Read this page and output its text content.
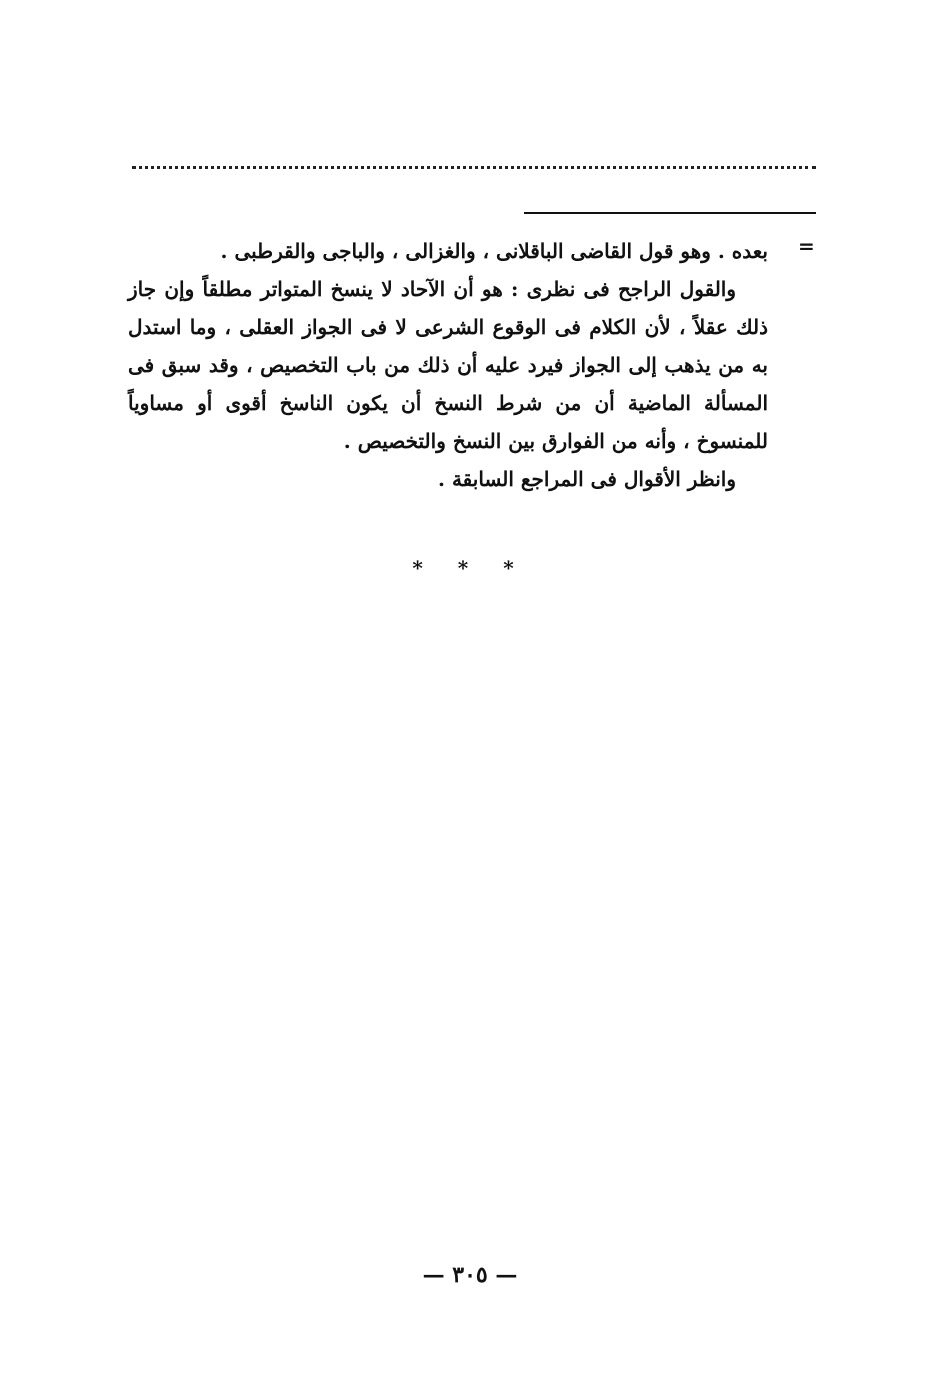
=

بعده . وهو قول القاضى الباقلانى ، والغزالى ، والباجى والقرطبى .

والقول الراجح فى نظرى : هو أن الآحاد لا ينسخ المتواتر مطلقاً وإن جاز ذلك عقلاً ، لأن الكلام فى الوقوع الشرعى لا فى الجواز العقلى ، وما استدل به من يذهب إلى الجواز فيرد عليه أن ذلك من باب التخصيص ، وقد سبق فى المسألة الماضية أن من شرط النسخ أن يكون الناسخ أقوى أو مساوياً للمنسوخ ، وأنه من الفوارق بين النسخ والتخصيص .

وانظر الأقوال فى المراجع السابقة .

* * *
— ٣٠٥ —
